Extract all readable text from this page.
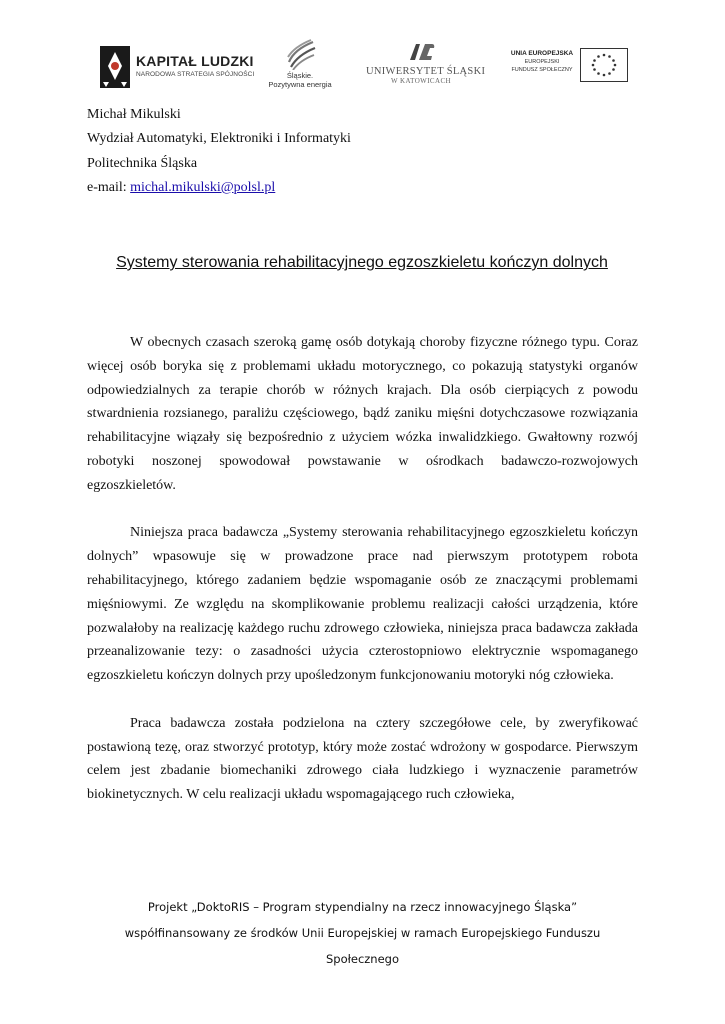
KAPITAŁ LUDZKI
NARODOWA STRATEGIA SPÓJNOŚCI	Śląskie.
Pozytywna energia
UNIWERSYTET ŚLĄSKI
W KATOWICACH
UNIA EUROPEJSKA
EUROPEJSKI
FUNDUSZ SPOŁECZNY
Michał Mikulski
Wydział Automatyki, Elektroniki i Informatyki
Politechnika Śląska
e-mail: michal.mikulski@polsl.pl
Systemy sterowania rehabilitacyjnego egzoszkieletu kończyn dolnych

W obecnych czasach szeroką gamę osób dotykają choroby fizyczne różnego typu. Coraz więcej osób boryka się z problemami układu motorycznego, co pokazują statystyki organów odpowiedzialnych za terapie chorób w różnych krajach. Dla osób cierpiących z powodu stwardnienia rozsianego, paraliżu częściowego, bądź zaniku mięśni dotychczasowe rozwiązania rehabilitacyjne wiązały się bezpośrednio z użyciem wózka inwalidzkiego. Gwałtowny rozwój robotyki noszonej spowodował powstawanie w ośrodkach badawczo-rozwojowych egzoszkieletów.

Niniejsza praca badawcza „Systemy sterowania rehabilitacyjnego egzoszkieletu kończyn dolnych” wpasowuje się w prowadzone prace nad pierwszym prototypem robota rehabilitacyjnego, którego zadaniem będzie wspomaganie osób ze znaczącymi problemami mięśniowymi. Ze względu na skomplikowanie problemu realizacji całości urządzenia, które pozwalałoby na realizację każdego ruchu zdrowego człowieka, niniejsza praca badawcza zakłada przeanalizowanie tezy: o zasadności użycia czterostopniowo elektrycznie wspomaganego egzoszkieletu kończyn dolnych przy upośledzonym funkcjonowaniu motoryki nóg człowieka.

Praca badawcza została podzielona na cztery szczegółowe cele, by zweryfikować postawioną tezę, oraz stworzyć prototyp, który może zostać wdrożony w gospodarce. Pierwszym celem jest zbadanie biomechaniki zdrowego ciała ludzkiego i wyznaczenie parametrów biokinetycznych. W celu realizacji układu wspomagającego ruch człowieka,

Projekt „DoktoRIS – Program stypendialny na rzecz innowacyjnego Śląska”
współfinansowany ze środków Unii Europejskiej w ramach Europejskiego Funduszu
Społecznego
